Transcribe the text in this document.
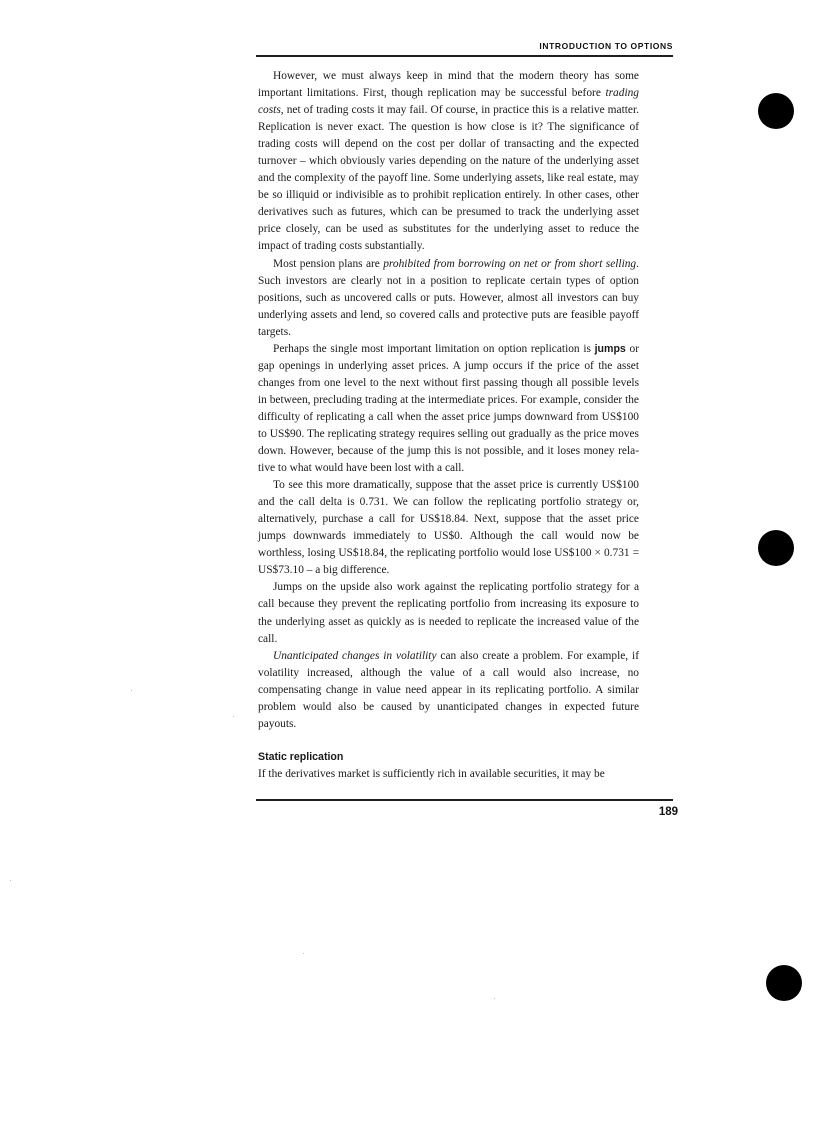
INTRODUCTION TO OPTIONS

However, we must always keep in mind that the modern theory has some important limitations. First, though replication may be successful before trading costs, net of trading costs it may fail. Of course, in practice this is a relative matter. Replication is never exact. The question is how close is it? The significance of trading costs will depend on the cost per dollar of transacting and the expected turnover – which obviously varies depending on the nature of the underlying asset and the complexity of the payoff line. Some underlying assets, like real estate, may be so illiquid or indivisible as to prohibit replication entirely. In other cases, other derivatives such as futures, which can be presumed to track the underlying asset price closely, can be used as substitutes for the underlying asset to reduce the impact of trading costs substantially.

Most pension plans are prohibited from borrowing on net or from short selling. Such investors are clearly not in a position to replicate certain types of option positions, such as uncovered calls or puts. However, almost all investors can buy underlying assets and lend, so covered calls and protective puts are feasible payoff targets.

Perhaps the single most important limitation on option replication is jumps or gap openings in underlying asset prices. A jump occurs if the price of the asset changes from one level to the next without first passing though all possible levels in between, precluding trading at the intermediate prices. For example, consider the difficulty of replicating a call when the asset price jumps downward from US$100 to US$90. The replicating strategy requires selling out gradually as the price moves down. However, because of the jump this is not possible, and it loses money relative to what would have been lost with a call.

To see this more dramatically, suppose that the asset price is currently US$100 and the call delta is 0.731. We can follow the replicating portfolio strategy or, alternatively, purchase a call for US$18.84. Next, suppose that the asset price jumps downwards immediately to US$0. Although the call would now be worthless, losing US$18.84, the replicating portfolio would lose US$100 × 0.731 = US$73.10 – a big difference.

Jumps on the upside also work against the replicating portfolio strategy for a call because they prevent the replicating portfolio from increasing its exposure to the underlying asset as quickly as is needed to replicate the increased value of the call.

Unanticipated changes in volatility can also create a problem. For example, if volatility increased, although the value of a call would also increase, no compensating change in value need appear in its replicating portfolio. A similar problem would also be caused by unanticipated changes in expected future payouts.

Static replication

If the derivatives market is sufficiently rich in available securities, it may be

189
